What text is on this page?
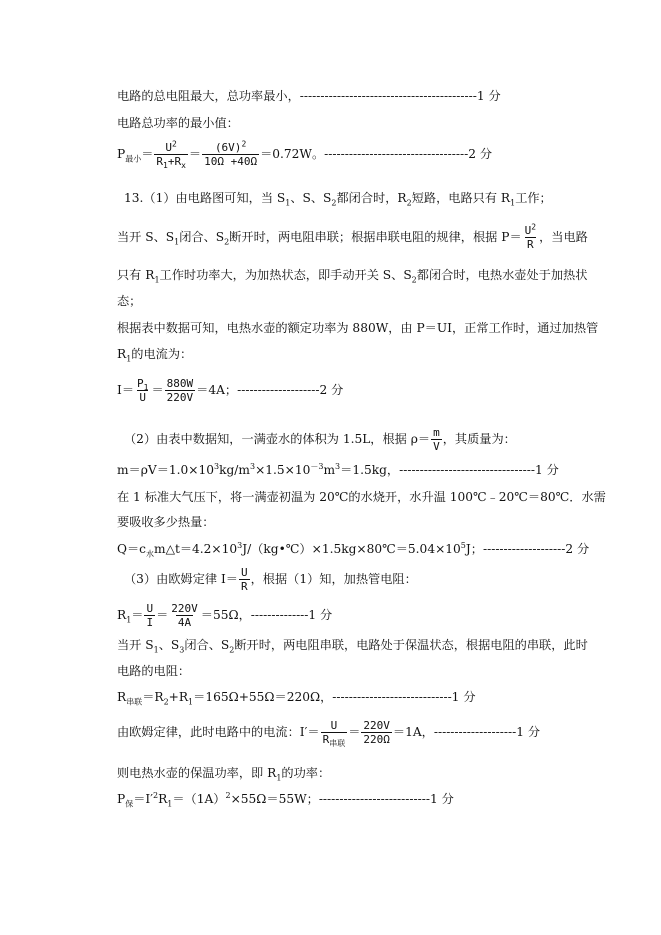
电路的总电阻最大，总功率最小，-------------------------------------------1 分
电路总功率的最小值：
$P_{最小}= \frac{U^2}{R_1+R_x} = \frac{(6V)^2}{10\Omega +40\Omega} =0.72W$。-----------------------------------2 分
13.（1）由电路图可知，当 $S_1$、S、$S_2$都闭合时，$R_2$短路，电路只有 $R_1$工作；
当开 S、$S_1$闭合、$S_2$断开时，两电阻串联；根据串联电阻的规律，根据 $P= \frac{U^2}{R}$ ，当电路
只有 $R_1$工作时功率大，为加热状态，即手动开关 S、$S_2$都闭合时，电热水壶处于加热状
态；
根据表中数据可知，电热水壶的额定功率为 880W，由 P＝UI，正常工作时，通过加热管
$R_1$的电流为：
$I= \frac{P_1}{U} = \frac{880W}{220V} =4A$；--------------------2 分
（2）由表中数据知，一满壶水的体积为 1.5L，根据 $\rho= \frac{m}{V}$ ，其质量为：
$m=\rho V=1.0\times 10^3kg/m^3\times 1.5\times 10^{-3}m^3=1.5kg$，---------------------------------1 分
在 1 标准大气压下，将一满壶初温为 20℃的水烧开，水升温 100℃﹣20℃＝80℃．水需
要吸收多少热量：
$Q=c_水m\triangle t=4.2\times 10^3J/(kg•℃)\times 1.5kg\times 80℃=5.04\times 10^5J$；--------------------2 分
（3）由欧姆定律 $I= \frac{U}{R}$ ，根据（1）知，加热管电阻：
$R_1= \frac{U}{I} = \frac{220V}{4A} =55\Omega$，--------------1 分
当开 $S_1$、$S_3$闭合、$S_2$断开时，两电阻串联，电路处于保温状态，根据电阻的串联，此时
电路的电阻：
$R_{串联}=R_2+R_1=165\Omega+55\Omega=220\Omega$，-----------------------------1 分
由欧姆定律，此时电路中的电流：$I'= \frac{U}{R_{串联}} = \frac{220V}{220\Omega} =1A$，--------------------1 分
则电热水壶的保温功率，即 $R_1$的功率：
$P_保=I'^2R_1=(1A)^2\times 55\Omega=55W$；---------------------------1 分
